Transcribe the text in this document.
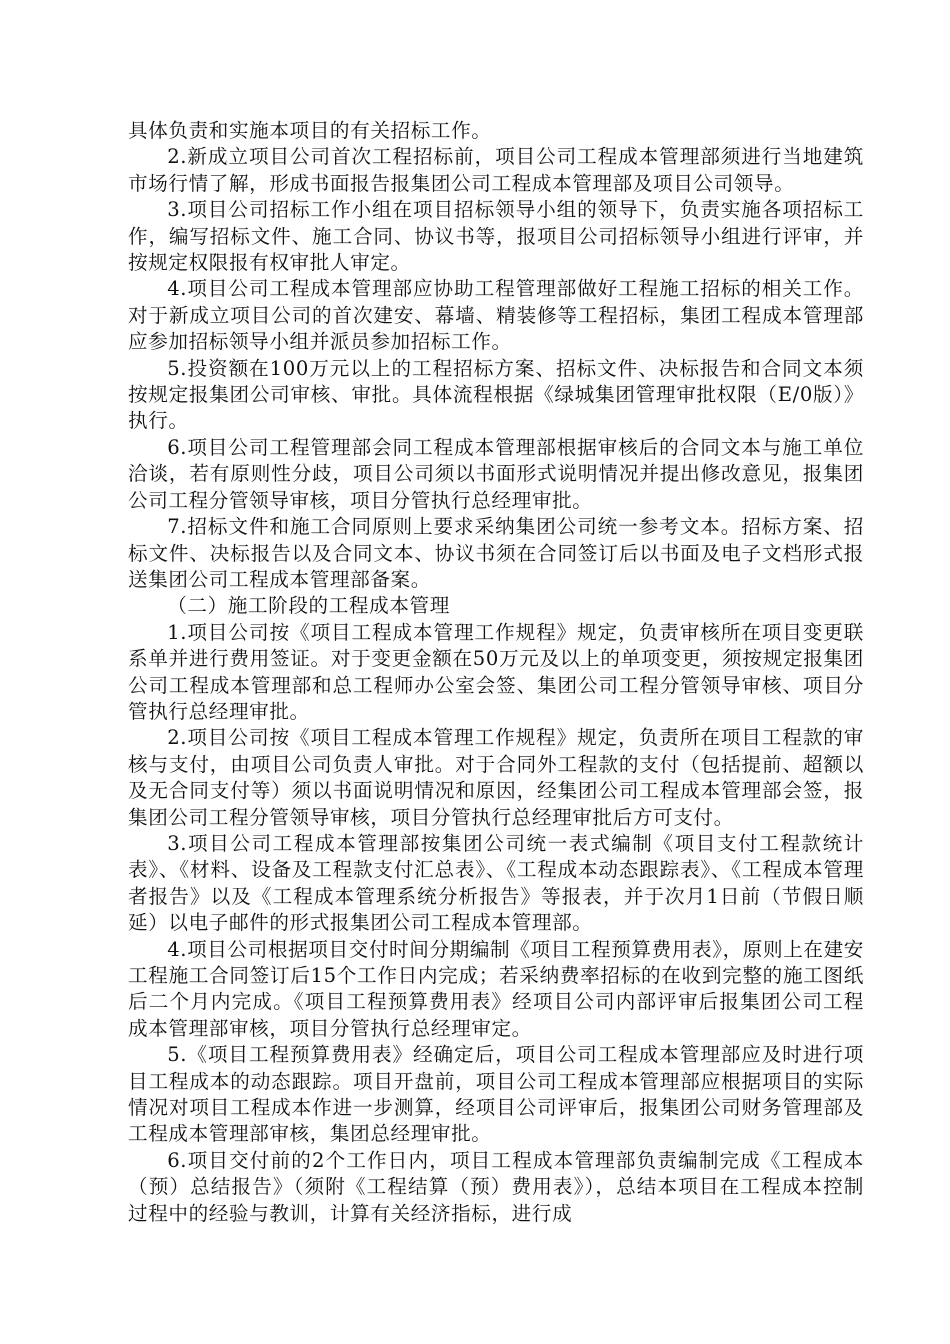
具体负责和实施本项目的有关招标工作。

2.新成立项目公司首次工程招标前，项目公司工程成本管理部须进行当地建筑市场行情了解，形成书面报告报集团公司工程成本管理部及项目公司领导。

3.项目公司招标工作小组在项目招标领导小组的领导下，负责实施各项招标工作，编写招标文件、施工合同、协议书等，报项目公司招标领导小组进行评审，并按规定权限报有权审批人审定。

4.项目公司工程成本管理部应协助工程管理部做好工程施工招标的相关工作。对于新成立项目公司的首次建安、幕墙、精装修等工程招标，集团工程成本管理部应参加招标领导小组并派员参加招标工作。

5.投资额在100万元以上的工程招标方案、招标文件、决标报告和合同文本须按规定报集团公司审核、审批。具体流程根据《绿城集团管理审批权限（E/0版）》执行。

6.项目公司工程管理部会同工程成本管理部根据审核后的合同文本与施工单位洽谈，若有原则性分歧，项目公司须以书面形式说明情况并提出修改意见，报集团公司工程分管领导审核，项目分管执行总经理审批。

7.招标文件和施工合同原则上要求采纳集团公司统一参考文本。招标方案、招标文件、决标报告以及合同文本、协议书须在合同签订后以书面及电子文档形式报送集团公司工程成本管理部备案。

（二）施工阶段的工程成本管理

1.项目公司按《项目工程成本管理工作规程》规定，负责审核所在项目变更联系单并进行费用签证。对于变更金额在50万元及以上的单项变更，须按规定报集团公司工程成本管理部和总工程师办公室会签、集团公司工程分管领导审核、项目分管执行总经理审批。

2.项目公司按《项目工程成本管理工作规程》规定，负责所在项目工程款的审核与支付，由项目公司负责人审批。对于合同外工程款的支付（包括提前、超额以及无合同支付等）须以书面说明情况和原因，经集团公司工程成本管理部会签，报集团公司工程分管领导审核，项目分管执行总经理审批后方可支付。

3.项目公司工程成本管理部按集团公司统一表式编制《项目支付工程款统计表》、《材料、设备及工程款支付汇总表》、《工程成本动态跟踪表》、《工程成本管理者报告》以及《工程成本管理系统分析报告》等报表，并于次月1日前（节假日顺延）以电子邮件的形式报集团公司工程成本管理部。

4.项目公司根据项目交付时间分期编制《项目工程预算费用表》，原则上在建安工程施工合同签订后15个工作日内完成；若采纳费率招标的在收到完整的施工图纸后二个月内完成。《项目工程预算费用表》经项目公司内部评审后报集团公司工程成本管理部审核，项目分管执行总经理审定。

5.《项目工程预算费用表》经确定后，项目公司工程成本管理部应及时进行项目工程成本的动态跟踪。项目开盘前，项目公司工程成本管理部应根据项目的实际情况对项目工程成本作进一步测算，经项目公司评审后，报集团公司财务管理部及工程成本管理部审核，集团总经理审批。

6.项目交付前的2个工作日内，项目工程成本管理部负责编制完成《工程成本（预）总结报告》（须附《工程结算（预）费用表》），总结本项目在工程成本控制过程中的经验与教训，计算有关经济指标，进行成
